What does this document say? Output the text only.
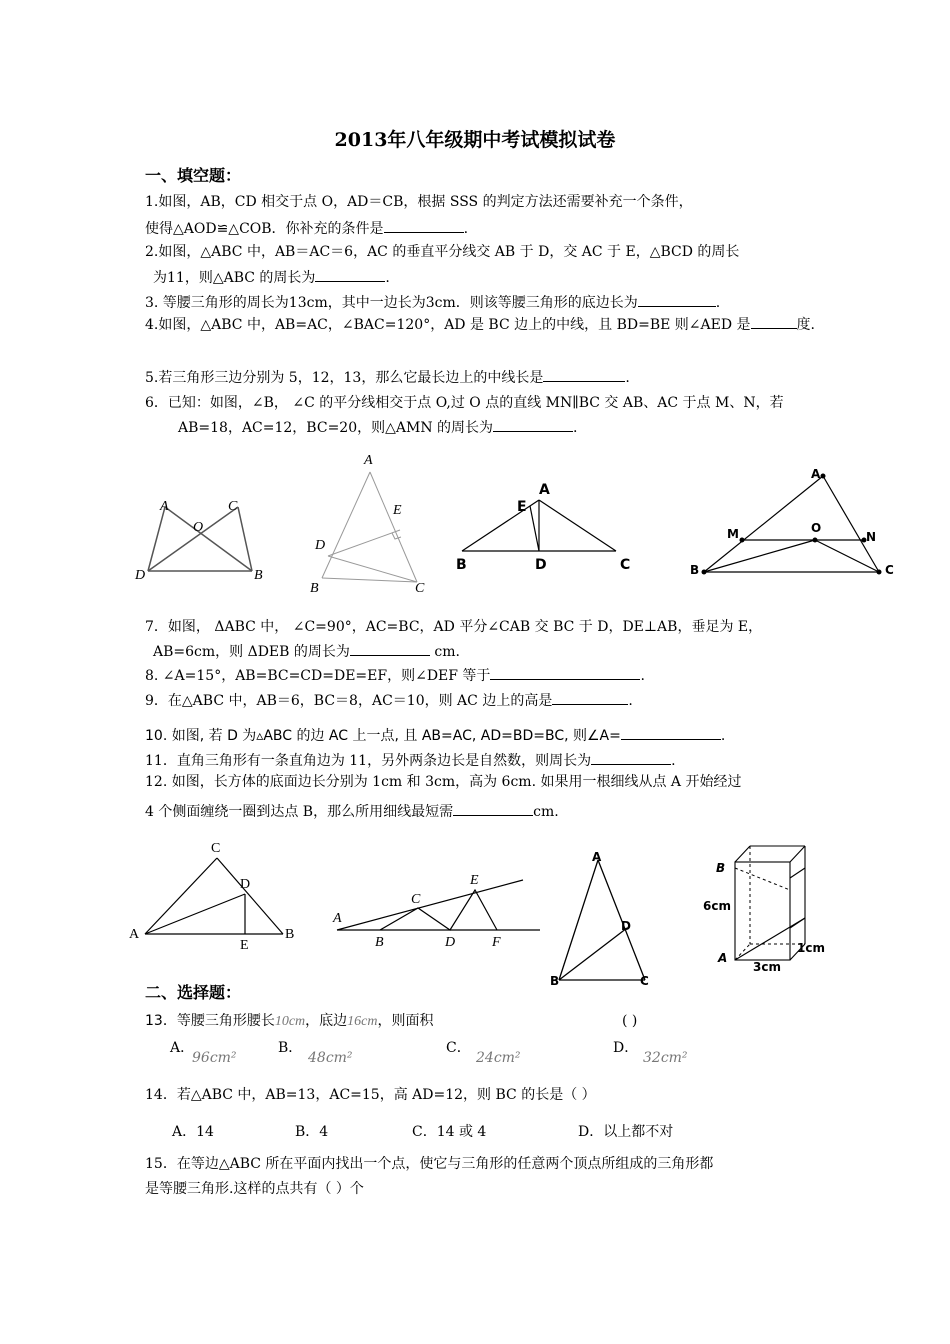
2013年八年级期中考试模拟试卷
一、填空题：
1.如图，AB，CD 相交于点 O，AD＝CB，根据 SSS 的判定方法还需要补充一个条件，
使得△AOD≌△COB．你补充的条件是	.
2.如图，△ABC 中，AB＝AC＝6，AC 的垂直平分线交 AB 于 D，交 AC 于 E，△BCD 的周长
为11，则△ABC 的周长为	.
3. 等腰三角形的周长为13cm，其中一边长为3cm．则该等腰三角形的底边长为	.
4.如图，△ABC 中，AB=AC，∠BAC=120°，AD 是 BC 边上的中线，且 BD=BE 则∠AED 是	度.
5.若三角形三边分别为 5，12，13，那么它最长边上的中线长是	.
6．已知：如图，∠B， ∠C 的平分线相交于点 O,过 O 点的直线 MN∥BC 交 AB、AC 于点 M、N，若
AB=18，AC=12，BC=20，则△AMN 的周长为	.
A	C
O
D	B
A
E
D
B	C
A
E
B	D	C
A
M	O
N
B	C
7．如图， ΔABC 中， ∠C=90°，AC=BC，AD 平分∠CAB 交 BC 于 D，DE⊥AB，垂足为 E，
AB=6cm，则 ΔDEB 的周长为	cm.
8. ∠A=15°，AB=BC=CD=DE=EF，则∠DEF 等于	.
9．在△ABC 中，AB＝6，BC＝8，AC＝10，则 AC 边上的高是	.
10. 如图, 若 D 为▵ABC 的边 AC 上一点, 且 AB=AC, AD=BD=BC, 则∠A=	.
11．直角三角形有一条直角边为 11，另外两条边长是自然数，则周长为	.
12. 如图，长方体的底面边长分别为 1cm 和 3cm，高为 6cm. 如果用一根细线从点 A 开始经过
4 个侧面缠绕一圈到达点 B，那么所用细线最短需	cm.
C
D
A
E
B
A
C
E
B	D	F
A
D
B	C
B
6cm
A
3cm
1cm
二、选择题：
13．等腰三角形腰长10cm，底边16cm，则面积	( )
A．
96cm²
B．
48cm²
C．
24cm²
D．
32cm²
14．若△ABC 中，AB=13，AC=15，高 AD=12，则 BC 的长是（ ）
A．14	B．4	C．14 或 4	D．以上都不对
15．在等边△ABC 所在平面内找出一个点，使它与三角形的任意两个顶点所组成的三角形都
是等腰三角形.这样的点共有（ ）个
